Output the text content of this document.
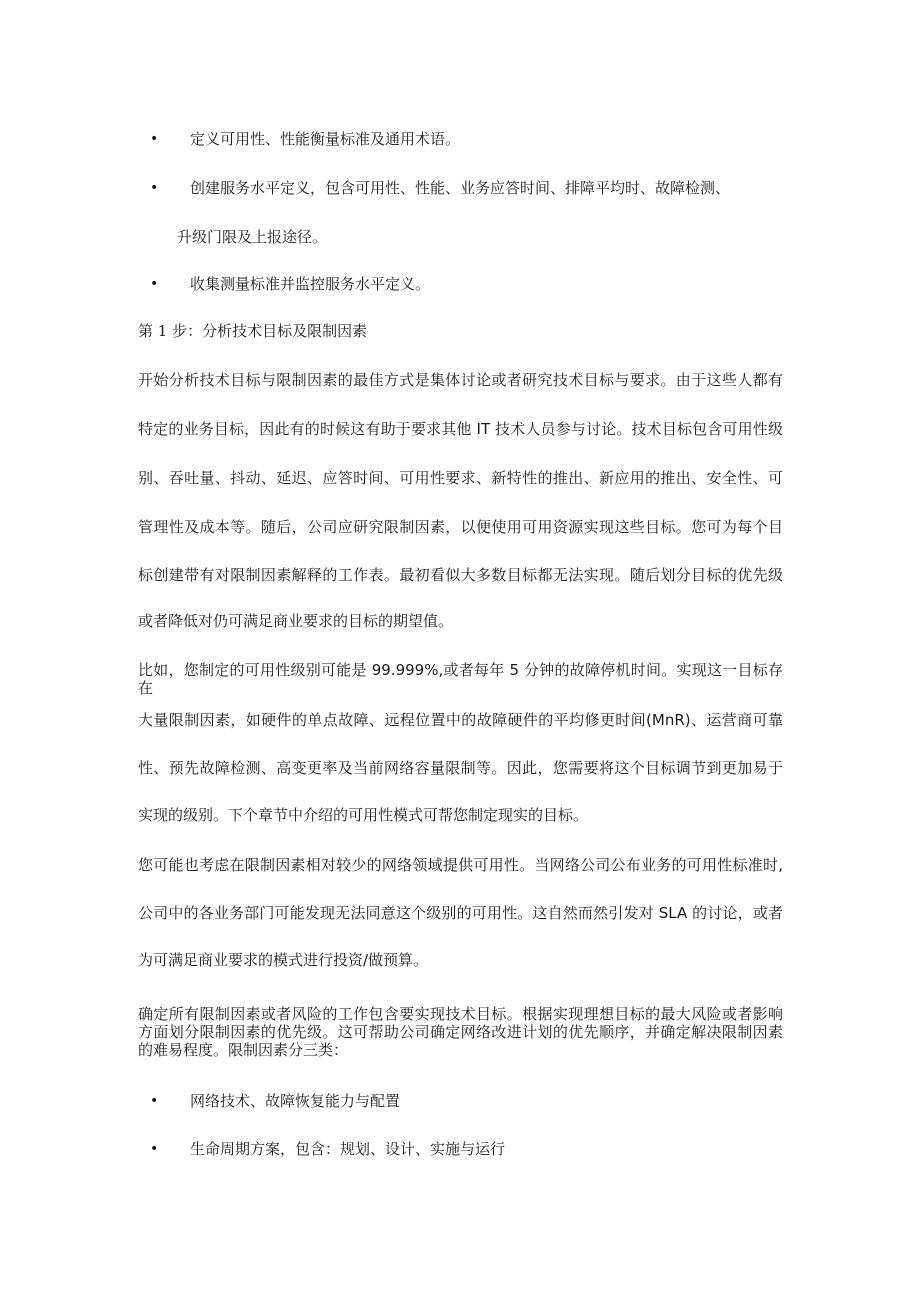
• 定义可用性、性能衡量标准及通用术语。
• 创建服务水平定义，包含可用性、性能、业务应答时间、排障平均时、故障检测、
升级门限及上报途径。
• 收集测量标准并监控服务水平定义。
第 1 步：分析技术目标及限制因素
开始分析技术目标与限制因素的最佳方式是集体讨论或者研究技术目标与要求。由于这些人都有
特定的业务目标，因此有的时候这有助于要求其他 IT 技术人员参与讨论。技术目标包含可用性级
别、吞吐量、抖动、延迟、应答时间、可用性要求、新特性的推出、新应用的推出、安全性、可
管理性及成本等。随后，公司应研究限制因素，以便使用可用资源实现这些目标。您可为每个目
标创建带有对限制因素解释的工作表。最初看似大多数目标都无法实现。随后划分目标的优先级
或者降低对仍可满足商业要求的目标的期望值。
比如，您制定的可用性级别可能是 99.999%,或者每年 5 分钟的故障停机时间。实现这一目标存在
大量限制因素，如硬件的单点故障、远程位置中的故障硬件的平均修更时间(MnR)、运营商可靠
性、预先故障检测、高变更率及当前网络容量限制等。因此，您需要将这个目标调节到更加易于
实现的级别。下个章节中介绍的可用性模式可帮您制定现实的目标。
您可能也考虑在限制因素相对较少的网络领域提供可用性。当网络公司公布业务的可用性标准时,
公司中的各业务部门可能发现无法同意这个级别的可用性。这自然而然引发对 SLA 的讨论，或者
为可满足商业要求的模式进行投资/做预算。
确定所有限制因素或者风险的工作包含要实现技术目标。根据实现理想目标的最大风险或者影响
方面划分限制因素的优先级。这可帮助公司确定网络改进计划的优先顺序，并确定解决限制因素
的难易程度。限制因素分三类：
• 网络技术、故障恢复能力与配置
• 生命周期方案，包含：规划、设计、实施与运行
